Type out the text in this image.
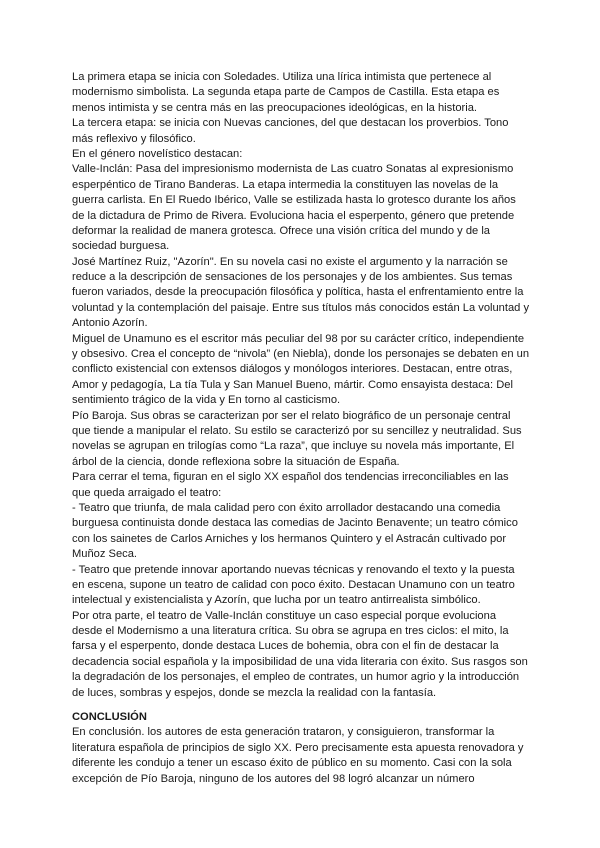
La primera etapa se inicia con Soledades. Utiliza una lírica intimista que pertenece al
modernismo simbolista. La segunda etapa parte de Campos de Castilla. Esta etapa es
menos intimista y se centra más en las preocupaciones ideológicas, en la historia.
La tercera etapa: se inicia con Nuevas canciones, del que destacan los proverbios. Tono
más reflexivo y filosófico.
En el género novelístico destacan:
Valle-Inclán: Pasa del impresionismo modernista de Las cuatro Sonatas al expresionismo
esperpéntico de Tirano Banderas. La etapa intermedia la constituyen las novelas de la
guerra carlista. En El Ruedo Ibérico, Valle se estilizada hasta lo grotesco durante los años
de la dictadura de Primo de Rivera. Evoluciona hacia el esperpento, género que pretende
deformar la realidad de manera grotesca. Ofrece una visión crítica del mundo y de la
sociedad burguesa.
José Martínez Ruiz, "Azorín". En su novela casi no existe el argumento y la narración se
reduce a la descripción de sensaciones de los personajes y de los ambientes. Sus temas
fueron variados, desde la preocupación filosófica y política, hasta el enfrentamiento entre la
voluntad y la contemplación del paisaje. Entre sus títulos más conocidos están La voluntad y
Antonio Azorín.
Miguel de Unamuno es el escritor más peculiar del 98 por su carácter crítico, independiente
y obsesivo. Crea el concepto de “nivola” (en Niebla), donde los personajes se debaten en un
conflicto existencial con extensos diálogos y monólogos interiores. Destacan, entre otras,
Amor y pedagogía, La tía Tula y San Manuel Bueno, mártir. Como ensayista destaca: Del
sentimiento trágico de la vida y En torno al casticismo.
Pío Baroja. Sus obras se caracterizan por ser el relato biográfico de un personaje central
que tiende a manipular el relato. Su estilo se caracterizó por su sencillez y neutralidad. Sus
novelas se agrupan en trilogías como “La raza”, que incluye su novela más importante, El
árbol de la ciencia, donde reflexiona sobre la situación de España.
Para cerrar el tema, figuran en el siglo XX español dos tendencias irreconciliables en las
que queda arraigado el teatro:
- Teatro que triunfa, de mala calidad pero con éxito arrollador destacando una comedia
burguesa continuista donde destaca las comedias de Jacinto Benavente; un teatro cómico
con los sainetes de Carlos Arniches y los hermanos Quintero y el Astracán cultivado por
Muñoz Seca.
- Teatro que pretende innovar aportando nuevas técnicas y renovando el texto y la puesta
en escena, supone un teatro de calidad con poco éxito. Destacan Unamuno con un teatro
intelectual y existencialista y Azorín, que lucha por un teatro antirrealista simbólico.
Por otra parte, el teatro de Valle-Inclán constituye un caso especial porque evoluciona
desde el Modernismo a una literatura crítica. Su obra se agrupa en tres ciclos: el mito, la
farsa y el esperpento, donde destaca Luces de bohemia, obra con el fin de destacar la
decadencia social española y la imposibilidad de una vida literaria con éxito. Sus rasgos son
la degradación de los personajes, el empleo de contrates, un humor agrio y la introducción
de luces, sombras y espejos, donde se mezcla la realidad con la fantasía.
CONCLUSIÓN
En conclusión. los autores de esta generación trataron, y consiguieron, transformar la
literatura española de principios de siglo XX. Pero precisamente esta apuesta renovadora y
diferente les condujo a tener un escaso éxito de público en su momento. Casi con la sola
excepción de Pío Baroja, ninguno de los autores del 98 logró alcanzar un número
